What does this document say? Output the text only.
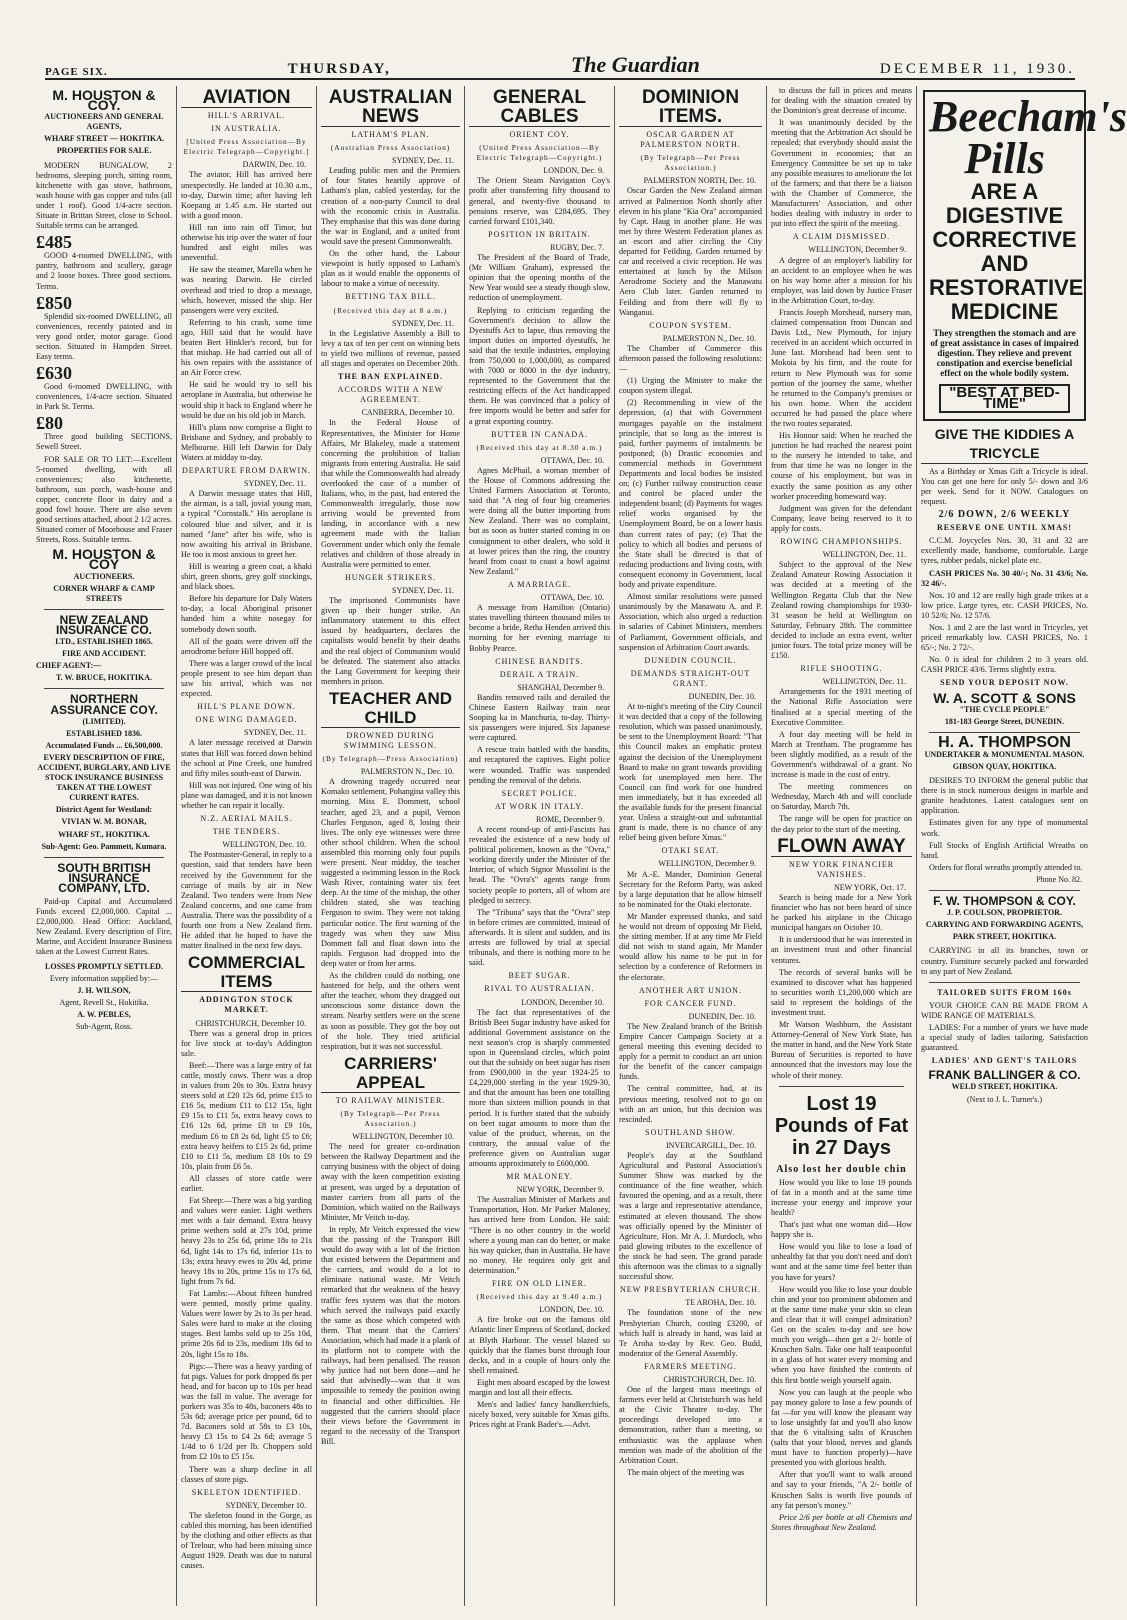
PAGE SIX.	THURSDAY,	The Guardian	DECEMBER 11, 1930.
M. HOUSTON & COY.
AUCTIONEERS AND GENERAL AGENTS,
WHARF STREET — HOKITIKA.
PROPERTIES FOR SALE.

MODERN BUNGALOW, 2 bedrooms, sleeping porch, sitting room, kitchenette with gas stove, bathroom, wash house with gas copper and tubs (all under 1 roof). Good 1/4-acre section. Situate in Brittan Street, close to School. Suitable terms can be arranged.

£485

GOOD 4-roomed DWELLING, with pantry, bathroom and scullery, garage and 2 loose boxes. Three good sections. Terms.

£850

Splendid six-roomed DWELLING, all conveniences, recently painted and in very good order, motor garage. Good section. Situated in Hampden Street. Easy terms.

£630

Good 6-roomed DWELLING, with conveniences, 1/4-acre section. Situated in Park St. Terms.

£80

Three good building SECTIONS, Sewell Street.

FOR SALE OR TO LET:—Excellent 5-roomed dwelling, with all conveniences; also kitchenette, bathroom, sun porch, wash-house and copper, concrete floor in dairy and a good fowl house. There are also seven good sections attached, about 2 1/2 acres. Situated corner of Moorhouse and Fraser Streets, Ross. Suitable terms.

M. HOUSTON & COY
AUCTIONEERS.
CORNER WHARF & CAMP STREETS
NEW ZEALAND INSURANCE CO.
LTD., ESTABLISHED 1865.
FIRE AND ACCIDENT.
CHIEF AGENT:—
T. W. BRUCE, HOKITIKA.
NORTHERN ASSURANCE COY.
(LIMITED).
ESTABLISHED 1836.
Accumulated Funds ... £6,500,000.
EVERY DESCRIPTION OF FIRE, ACCIDENT, BURGLARY, AND LIVE STOCK INSURANCE BUSINESS TAKEN AT THE LOWEST CURRENT RATES.
District Agent for Westland:
VIVIAN W. M. BONAR,
WHARF ST., HOKITIKA.
Sub-Agent: Geo. Pammett, Kumara.
SOUTH BRITISH INSURANCE COMPANY, LTD.

Paid-up Capital and Accumulated Funds exceed £2,000,000. Capital ... £2,000,000. Head Office: Auckland, New Zealand. Every description of Fire, Marine, and Accident Insurance Business taken at the Lowest Current Rates.

LOSSES PROMPTLY SETTLED.
Every information supplied by:—
J. H. WILSON,
Agent, Revell St., Hokitika.
A. W. PEBLES,
Sub-Agent, Ross.
AVIATION
HILL'S ARRIVAL.
IN AUSTRALIA.
[United Press Association—By Electric Telegraph—Copyright.]
DARWIN, Dec. 10.

The aviator, Hill has arrived here unexpectedly. He landed at 10.30 a.m., to-day, Darwin time; after having left Koepang at 1.45 a.m. He started out with a good moon.

Hill ran into rain off Timor, but otherwise his trip over the water of four hundred and eight miles was uneventful.

He saw the steamer, Marella when he was nearing Darwin. He circled overhead and tried to drop a message, which, however, missed the ship. Her passengers were very excited.

Referring to his crash, some time ago, Hill said that he would have beaten Bert Hinkler's record, but for that mishap. He had carried out all of his own repairs with the assistance of an Air Force crew.

He said he would try to sell his aeroplane in Australia, but otherwise he would ship it back to England where he would be due on his old job in March.

Hill's plans now comprise a flight to Brisbane and Sydney, and probably to Melbourne. Hill left Darwin for Daly Waters at midday to-day.

DEPARTURE FROM DARWIN.
SYDNEY, Dec. 11.

A Darwin message states that Hill, the airman, is a tall, jovial young man, a typical "Cornstalk." His aeroplane is coloured blue and silver, and it is named "Jane" after his wife, who is now awaiting his arrival in Brisbane. He too is most anxious to greet her.

Hill is wearing a green coat, a khaki shirt, green shorts, grey golf stockings, and black shoes.

Before his departure for Daly Waters to-day, a local Aboriginal prisoner handed him a white nosegay for somebody down south.

All of the goats were driven off the aerodrome before Hill hopped off.

There was a larger crowd of the local people present to see him depart than saw his arrival, which was not expected.

HILL'S PLANE DOWN.
ONE WING DAMAGED.
SYDNEY, Dec. 11.

A later message received at Darwin states that Hill was forced down behind the school at Pine Creek, one hundred and fifty miles south-east of Darwin.

Hill was not injured. One wing of his plane was damaged, and it is not known whether he can repair it locally.

N.Z. AERIAL MAILS.
THE TENDERS.
WELLINGTON, Dec. 10.

The Postmaster-General, in reply to a question, said that tenders have been received by the Government for the carriage of mails by air in New Zealand. Two tenders were from New Zealand concerns, and one came from Australia. There was the possibility of a fourth one from a New Zealand firm. He added that he hoped to have the matter finalised in the next few days.

COMMERCIAL ITEMS
ADDINGTON STOCK MARKET.
CHRISTCHURCH, December 10.

There was a general drop in prices for live stock at to-day's Addington sale.

Beef:—There was a large entry of fat cattle, mostly cows. There was a drop in values from 20s to 30s. Extra heavy steers sold at £20 12s 6d, prime £15 to £16 5s, medium £11 to £12 15s, light £9 15s to £11 5s, extra heavy cows to £16 12s 6d, prime £8 to £9 10s, medium £6 to £8 2s 6d, light £5 to £6; extra heavy heifers to £15 2s 6d, prime £10 to £11 5s, medium £8 10s to £9 10s, plain from £6 5s.

All classes of store cattle were earlier.

Fat Sheep:—There was a big yarding and values were easier. Light wethers met with a fair demand. Extra heavy prime wethers sold at 27s 10d, prime heavy 23s to 25s 6d, prime 18s to 21s 6d, light 14s to 17s 6d, inferior 11s to 13s; extra heavy ewes to 20s 4d, prime heavy 18s to 20s, prime 15s to 17s 6d, light from 7s 6d.

Fat Lambs:—About fifteen hundred were penned, mostly prime quality. Values were lower by 2s to 3s per head. Sales were hard to make at the closing stages. Best lambs sold up to 25s 10d, prime 20s 6d to 23s, medium 18s 6d to 20s, light 15s to 18s.

Pigs:—There was a heavy yarding of fat pigs. Values for pork dropped 8s per head, and for bacon up to 10s per head was the fall in value. The average for porkers was 35s to 48s, baconers 48s to 53s 6d; average price per pound, 6d to 7d. Baconers sold at 58s to £3 10s, heavy £3 15s to £4 2s 6d; average 5 1/4d to 6 1/2d per lb. Choppers sold from £2 10s to £5 15s.

There was a sharp decline in all classes of store pigs.

SKELETON IDENTIFIED.
SYDNEY, December 10.

The skeleton found in the Gorge, as cabled this morning, has been identified by the clothing and other effects as that of Trelour, who had been missing since August 1929. Death was due to natural causes.

AUSTRALIAN NEWS
LATHAM'S PLAN.
(Australian Press Association)
SYDNEY, Dec. 11.

Leading public men and the Premiers of four States heartily approve of Latham's plan, cabled yesterday, for the creation of a non-party Council to deal with the economic crisis in Australia. They emphasise that this was done during the war in England, and a united front would save the present Commonwealth.

On the other hand, the Labour viewpoint is hotly opposed to Latham's plan as it would enable the opponents of labour to make a virtue of necessity.

BETTING TAX BILL.
(Received this day at 8 a.m.)
SYDNEY, Dec. 11.

In the Legislative Assembly a Bill to levy a tax of ten per cent on winning bets to yield two millions of revenue, passed all stages and operates on December 20th.

THE BAN EXPLAINED.
ACCORDS WITH A NEW AGREEMENT.
CANBERRA, December 10.

In the Federal House of Representatives, the Minister for Home Affairs, Mr Blakeley, made a statement concerning the prohibition of Italian migrants from entering Australia. He said that while the Commonwealth had already overlooked the case of a number of Italians, who, in the past, had entered the Commonwealth irregularly, those now arriving would be prevented from landing, in accordance with a new agreement made with the Italian Government under which only the female relatives and children of those already in Australia were permitted to enter.

HUNGER STRIKERS.
SYDNEY, Dec. 11.

The imprisoned Communists have given up their hunger strike. An inflammatory statement to this effect issued by headquarters, declares the capitalists would benefit by their deaths and the real object of Communism would be defeated. The statement also attacks the Lang Government for keeping their members in prison.

TEACHER AND CHILD
DROWNED DURING SWIMMING LESSON.
(By Telegraph—Press Association)
PALMERSTON N., Dec. 10.

A drowning tragedy occurred near Komako settlement, Pohangina valley this morning. Miss E. Dommett, school teacher, aged 23, and a pupil, Vernon Charles Ferguson, aged 8, losing their lives. The only eye witnesses were three other school children. When the school assembled this morning only four pupils were present. Near midday, the teacher suggested a swimming lesson in the Rock Wash River, containing water six feet deep. At the time of the mishap, the other children stated, she was teaching Ferguson to swim. They were not taking particular notice. The first warning of the tragedy was when they saw Miss Dommett fall and float down into the rapids. Ferguson had dropped into the deep water or from her arms.

As the children could do nothing, one hastened for help, and the others went after the teacher, whom they dragged out unconscious some distance down the stream. Nearby settlers were on the scene as soon as possible. They got the boy out of the hole. They tried artificial respiration, but it was not successful.

CARRIERS' APPEAL
TO RAILWAY MINISTER.
(By Telegraph—Per Press Association.)
WELLINGTON, December 10.

The need for greater co-ordination between the Railway Department and the carrying business with the object of doing away with the keen competition existing at present, was urged by a deputation of master carriers from all parts of the Dominion, which waited on the Railways Minister, Mr Veitch to-day.

In reply, Mr Veitch expressed the view that the passing of the Transport Bill would do away with a lot of the friction that existed between the Department and the carriers, and would do a lot to eliminate national waste. Mr Veitch remarked that the weakness of the heavy traffic fees system was that the motors which served the railways paid exactly the same as those which competed with them. That meant that the Carriers' Association, which had made it a plank of its platform not to compete with the railways, had been penalised. The reason why justice had not been done—and he said that advisedly—was that it was impossible to remedy the position owing to financial and other difficulties. He suggested that the carriers should place their views before the Government in regard to the necessity of the Transport Bill.

GENERAL CABLES
ORIENT COY.
(United Press Association—By Electric Telegraph—Copyright.)
LONDON, Dec. 9.

The Orient Steam Navigation Coy's profit after transferring fifty thousand to general, and twenty-five thousand to pensions reserve, was £284,695. They carried forward £101,340.

POSITION IN BRITAIN.
RUGBY, Dec. 7.

The President of the Board of Trade, (Mr William Graham), expressed the opinion that the opening months of the New Year would see a steady though slow, reduction of unemployment.

Replying to criticism regarding the Government's decision to allow the Dyestuffs Act to lapse, thus removing the import duties on imported dyestuffs, he said that the textile industries, employing from 750,000 to 1,000,000, as compared with 7000 or 8000 in the dye industry, represented to the Government that the restricting effects of the Act handicapped them. He was convinced that a policy of free imports would be better and safer for a great exporting country.

BUTTER IN CANADA.
(Received this day at 8.30 a.m.)
OTTAWA, Dec. 10.

Agnes McPhail, a woman member of the House of Commons addressing the United Farmers Association at Toronto, said that "A ring of four big creameries were doing all the butter importing from New Zealand. There was no complaint, but as soon as butter started coming in on consignment to other dealers, who sold it at lower prices than the ring, the country heard from coast to coast a howl against New Zealand."

A MARRIAGE.
OTTAWA, Dec. 10.

A message from Hamilton (Ontario) states travelling thirteen thousand miles to become a bride, Retha Henden arrived this morning for her evening marriage to Bobby Pearce.

CHINESE BANDITS.
DERAIL A TRAIN.
SHANGHAI, December 9.

Bandits removed rails and derailed the Chinese Eastern Railway train near Sooping ka in Manchuria, to-day. Thirty-six passengers were injured. Six Japanese were captured.

A rescue train battled with the bandits, and recaptured the captives. Eight police were wounded. Traffic was suspended pending the removal of the debris.

SECRET POLICE.
AT WORK IN ITALY.
ROME, December 9.

A recent round-up of anti-Fascists has revealed the existence of a new body of political policemen, known as the "Ovra," working directly under the Minister of the Interior, of which Signor Mussolini is the head. The "Ovra's" agents range from society people to porters, all of whom are pledged to secrecy.

The "Tribuna" says that the "Ovra" step in before crimes are committed, instead of afterwards. It is silent and sudden, and its arrests are followed by trial at special tribunals, and there is nothing more to be said.

BEET SUGAR.
RIVAL TO AUSTRALIAN.
LONDON, December 10.

The fact that representatives of the British Beet Sugar industry have asked for additional Government assistance on the next season's crop is sharply commented upon in Queensland circles, which point out that the subsidy on beet sugar has risen from £900,000 in the year 1924-25 to £4,229,000 sterling in the year 1929-30, and that the amount has been one totalling more than sixteen million pounds in that period. It is further stated that the subsidy on beet sugar amounts to more than the value of the product, whereas, on the contrary, the annual value of the preference given on Australian sugar amounts approximately to £600,000.

MR MALONEY.
NEW YORK, December 9.

The Australian Minister of Markets and Transportation, Hon. Mr Parker Maloney, has arrived here from London. He said: "There is no other country in the world where a young man can do better, or make his way quicker, than in Australia. He have no money. He requires only grit and determination."

FIRE ON OLD LINER.
(Received this day at 9.40 a.m.)
LONDON, Dec. 10.

A fire broke out on the famous old Atlantic liner Empress of Scotland, docked at Blyth Harbour. The vessel blazed so quickly that the flames burst through four decks, and in a couple of hours only the shell remained.

Eight men aboard escaped by the lowest margin and lost all their effects.

Men's and ladies' fancy handkerchiefs, nicely boxed, very suitable for Xmas gifts. Prices right at Frank Bader's.—Advt.

DOMINION ITEMS.
OSCAR GARDEN AT PALMERSTON NORTH.
(By Telegraph—Per Press Association.)
PALMERSTON NORTH, Dec. 10.

Oscar Garden the New Zealand airman arrived at Palmerston North shortly after eleven in his plane "Kia Ora" accompanied by Capt. Haug in another plane. He was met by three Western Federation planes as an escort and after circling the City departed for Feilding. Garden returned by car and received a civic reception. He was entertained at lunch by the Milson Aerodrome Society and the Manawatu Aero Club later. Garden returned to Feilding and from there will fly to Wanganui.

COUPON SYSTEM.
PALMERSTON N., Dec. 10.

The Chamber of Commerce this afternoon passed the following resolutions:—

(1) Urging the Minister to make the coupon system illegal.

(2) Recommending in view of the depression, (a) that with Government mortgages payable on the instalment principle, that so long as the interest is paid, further payments of instalments be postponed; (b) Drastic economies and commercial methods in Government Departments and local bodies be insisted on; (c) Further railway construction cease and control be placed under the independent board; (d) Payments for wages relief works organised by the Unemployment Board, be on a lower basis than current rates of pay; (e) That the policy to which all bodies and persons of the State shall be directed is that of reducing productions and living costs, with consequent economy in Government, local body and private expenditure.

Almost similar resolutions were passed unanimously by the Manawatu A. and P. Association, which also urged a reduction in salaries of Cabinet Ministers, members of Parliament, Government officials, and suspension of Arbitration Court awards.

DUNEDIN COUNCIL.
DEMANDS STRAIGHT-OUT GRANT.
DUNEDIN, Dec. 10.

At to-night's meeting of the City Council it was decided that a copy of the following resolution, which was passed unanimously, be sent to the Unemployment Board: "That this Council makes an emphatic protest against the decision of the Unemployment Board to make no grant towards providing work for unemployed men here. The Council can find work for one hundred men immediately, but it has exceeded all the available funds for the present financial year. Unless a straight-out and substantial grant is made, there is no chance of any relief being given before Xmas."

OTAKI SEAT.
WELLINGTON, December 9.

Mr A.-E. Mander, Dominion General Secretary for the Reform Party, was asked by a large deputation that he allow himself to be nominated for the Otaki electorate.

Mr Mander expressed thanks, and said he would not dream of opposing Mr Field, the sitting member. If at any time Mr Field did not wish to stand again, Mr Mander would allow his name to be put in for selection by a conference of Reformers in the electorate.

ANOTHER ART UNION.
FOR CANCER FUND.
DUNEDIN, Dec. 10.

The New Zealand branch of the British Empire Cancer Campaign Society at a general meeting this evening decided to apply for a permit to conduct an art union for the benefit of the cancer campaign funds.

The central committee, had, at its previous meeting, resolved not to go on with an art union, but this decision was rescinded.

SOUTHLAND SHOW.
INVERCARGILL, Dec. 10.

People's day at the Southland Agricultural and Pastoral Association's Summer Show was marked by the continuance of the fine weather, which favoured the opening, and as a result, there was a large and representative attendance, estimated at eleven thousand. The show was officially opened by the Minister of Agriculture, Hon. Mr A. J. Murdoch, who paid glowing tributes to the excellence of the stock he had seen. The grand parade this afternoon was the climax to a signally successful show.

NEW PRESBYTERIAN CHURCH.
TE AROHA, Dec. 10.

The foundation stone of the new Presbyterian Church, costing £3200, of which half is already in hand, was laid at Te Aroha to-day by Rev. Geo. Budd, moderator of the General Assembly.

FARMERS MEETING.
CHRISTCHURCH, Dec. 10.

One of the largest mass meetings of farmers ever held at Christchurch was held at the Civic Theatre to-day. The proceedings developed into a demonstration, rather than a meeting, so enthusiastic was the applause when mention was made of the abolition of the Arbitration Court.

The main object of the meeting was

to discuss the fall in prices and means for dealing with the situation created by the Dominion's great decrease of income.

It was unanimously decided by the meeting that the Arbitration Act should be repealed; that everybody should assist the Government in economies; that an Emergency Committee be set up to take any possible measures to ameliorate the lot of the farmers; and that there be a liaison with the Chamber of Commerce, the Manufacturers' Association, and other bodies dealing with industry in order to put into effect the spirit of the meeting.

A CLAIM DISMISSED.
WELLINGTON, December 9.

A degree of an employer's liability for an accident to an employee when he was on his way home after a mission for his employer, was laid down by Justice Fraser in the Arbitration Court, to-day.

Francis Joseph Morshead, nursery man, claimed compensation from Duncan and Davis Ltd., New Plymouth, for injury received in an accident which occurred in June last. Morshead had been sent to Mokoia by his firm, and the route for return to New Plymouth was for some portion of the journey the same, whether he returned to the Company's premises or his own home. When the accident occurred he had passed the place where the two routes separated.

His Honour said: When he reached the junction he had reached the nearest point to the nursery he intended to take, and from that time he was no longer in the course of his employment, but was in exactly the same position as any other worker proceeding homeward way.

Judgment was given for the defendant Company, leave being reserved to it to apply for costs.

ROWING CHAMPIONSHIPS.
WELLINGTON, Dec. 11.

Subject to the approval of the New Zealand Amateur Rowing Association it was decided at a meeting of the Wellington Regatta Club that the New Zealand rowing championships for 1930-31 season be held at Wellington on Saturday, February 28th. The committee decided to include an extra event, welter junior fours. The total prize money will be £150.

RIFLE SHOOTING.
WELLINGTON, Dec. 11.

Arrangements for the 1931 meeting of the National Rifle Association were finalised at a special meeting of the Executive Committee.

A four day meeting will be held in March at Trentham. The programme has been slightly modified, as a result of the Government's withdrawal of a grant. No increase is made in the cost of entry.

The meeting commences on Wednesday, March 4th and will conclude on Saturday, March 7th.

The range will be open for practice on the day prior to the start of the meeting.

FLOWN AWAY
NEW YORK FINANCIER VANISHES.
NEW YORK, Oct. 17.

Search is being made for a New York financier who has not been heard of since he parked his airplane in the Chicago municipal hangars on October 10.

It is understood that he was interested in an investment trust and other financial ventures.

The records of several banks will be examined to discover what has happened to securities worth £1,200,000 which are said to represent the holdings of the investment trust.

Mr Watson Washburn, the Assistant Attorney-General of New York State, has the matter in hand, and the New York State Bureau of Securities is reported to have announced that the investors may lose the whole of their money.

Lost 19 Pounds of Fat in 27 Days
Also lost her double chin

How would you like to lose 19 pounds of fat in a month and at the same time increase your energy and improve your health?

That's just what one woman did—How happy she is.

How would you like to lose a load of unhealthy fat that you don't need and don't want and at the same time feel better than you have for years?

How would you like to lose your double chin and your too prominent abdomen and at the same time make your skin so clean and clear that it will compel admiration? Get on the scales to-day and see how much you weigh—then get a 2/- bottle of Kruschen Salts. Take one half teaspoonful in a glass of hot water every morning and when you have finished the contents of this first bottle weigh yourself again.

Now you can laugh at the people who pay money galore to lose a few pounds of fat —for you will know the pleasant way to lose unsightly fat and you'll also know that the 6 vitalising salts of Kruschen (salts that your blood, nerves and glands must have to function properly)—have presented you with glorious health.

After that you'll want to walk around and say to your friends, "A 2/- bottle of Kruschen Salts is worth five pounds of any fat person's money."

Price 2/6 per bottle at all Chemists and Stores throughout New Zealand.

Beecham's Pills
ARE A
DIGESTIVE
CORRECTIVE
AND
RESTORATIVE
MEDICINE
They strengthen the stomach and are of great assistance in cases of impaired digestion. They relieve and prevent constipation and exercise beneficial effect on the whole bodily system.
"BEST AT BED-TIME"
GIVE THE KIDDIES A TRICYCLE

As a Birthday or Xmas Gift a Tricycle is ideal. You can get one here for only 5/- down and 3/6 per week. Send for it NOW. Catalogues on request.

2/6 DOWN, 2/6 WEEKLY
RESERVE ONE UNTIL XMAS!

C.C.M. Joycycles Nos. 30, 31 and 32 are excellently made, handsome, comfortable. Large tyres, rubber pedals, nickel plate etc.

CASH PRICES No. 30 40/-; No. 31 43/6; No. 32 46/-.

Nos. 10 and 12 are really high grade trikes at a low price. Large tyres, etc. CASH PRICES, No. 10 52/6; No. 12 57/6.

Nos. 1 and 2 are the last word in Tricycles, yet priced remarkably low. CASH PRICES, No. 1 65/-; No. 2 72/-.

No. 0 is ideal for children 2 to 3 years old. CASH PRICE 43/6. Terms slightly extra.

SEND YOUR DEPOSIT NOW.
W. A. SCOTT & SONS
"THE CYCLE PEOPLE"
181-183 George Street, DUNEDIN.
H. A. THOMPSON
UNDERTAKER & MONUMENTAL MASON.
GIBSON QUAY, HOKITIKA.

DESIRES TO INFORM the general public that there is in stock numerous designs in marble and granite headstones. Latest catalogues sent on application.

Estimates given for any type of monumental work.

Full Stocks of English Artificial Wreaths on hand.

Orders for floral wreaths promptly attended to.

Phone No. 82.
F. W. THOMPSON & COY.
J. P. COULSON, PROPRIETOR.
CARRYING AND FORWARDING AGENTS,
PARK STREET, HOKITIKA.

CARRYING in all its branches, town or country. Furniture securely packed and forwarded to any part of New Zealand.

TAILORED SUITS FROM 160s

YOUR CHOICE CAN BE MADE FROM A WIDE RANGE OF MATERIALS.

LADIES: For a number of years we have made a special study of ladies tailoring. Satisfaction guaranteed.

LADIES' AND GENT'S TAILORS
FRANK BALLINGER & CO.
WELD STREET, HOKITIKA.
(Next to J. L. Turner's.)
